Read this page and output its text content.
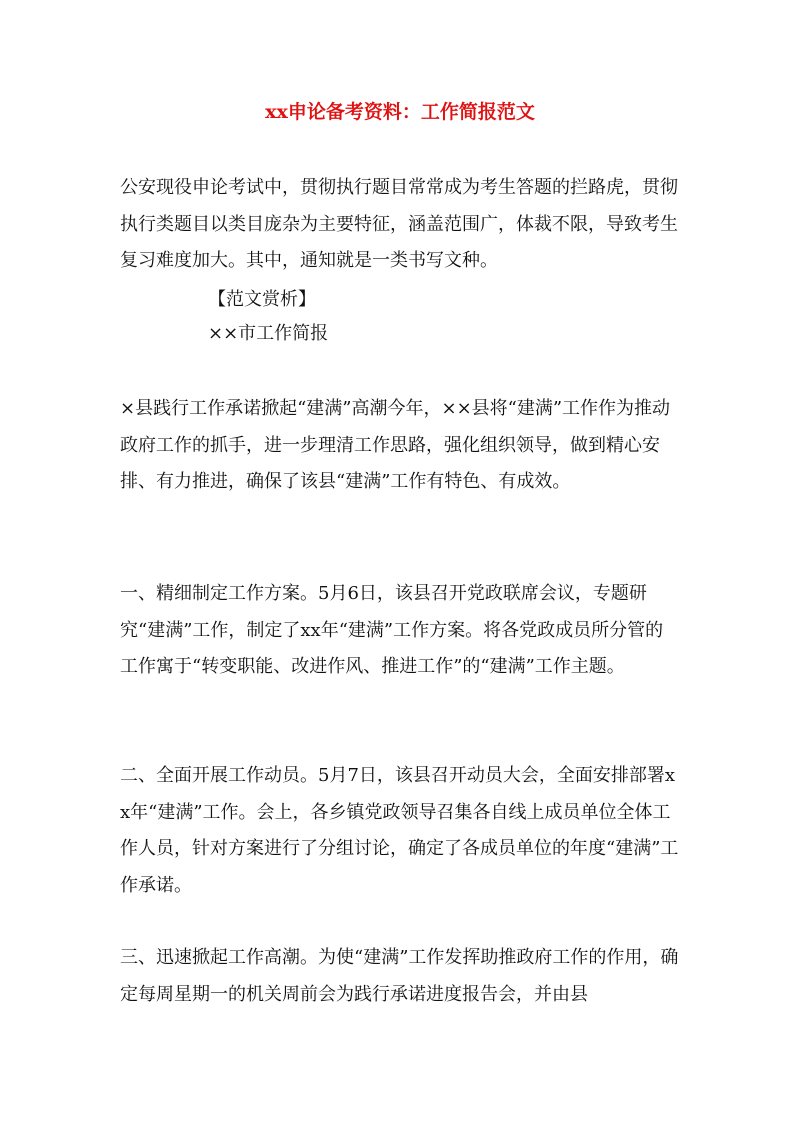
xx申论备考资料：工作简报范文

公安现役申论考试中，贯彻执行题目常常成为考生答题的拦路虎，贯彻执行类题目以类目庞杂为主要特征，涵盖范围广，体裁不限，导致考生复习难度加大。其中，通知就是一类书写文种。

【范文赏析】

××市工作简报

×县践行工作承诺掀起“建满”高潮今年，××县将“建满”工作作为推动政府工作的抓手，进一步理清工作思路，强化组织领导，做到精心安排、有力推进，确保了该县“建满”工作有特色、有成效。

一、精细制定工作方案。5月6日，该县召开党政联席会议，专题研究“建满”工作，制定了xx年“建满”工作方案。将各党政成员所分管的工作寓于“转变职能、改进作风、推进工作”的“建满”工作主题。

二、全面开展工作动员。5月7日，该县召开动员大会，全面安排部署xx年“建满”工作。会上，各乡镇党政领导召集各自线上成员单位全体工作人员，针对方案进行了分组讨论，确定了各成员单位的年度“建满”工作承诺。

三、迅速掀起工作高潮。为使“建满”工作发挥助推政府工作的作用，确定每周星期一的机关周前会为践行承诺进度报告会，并由县
